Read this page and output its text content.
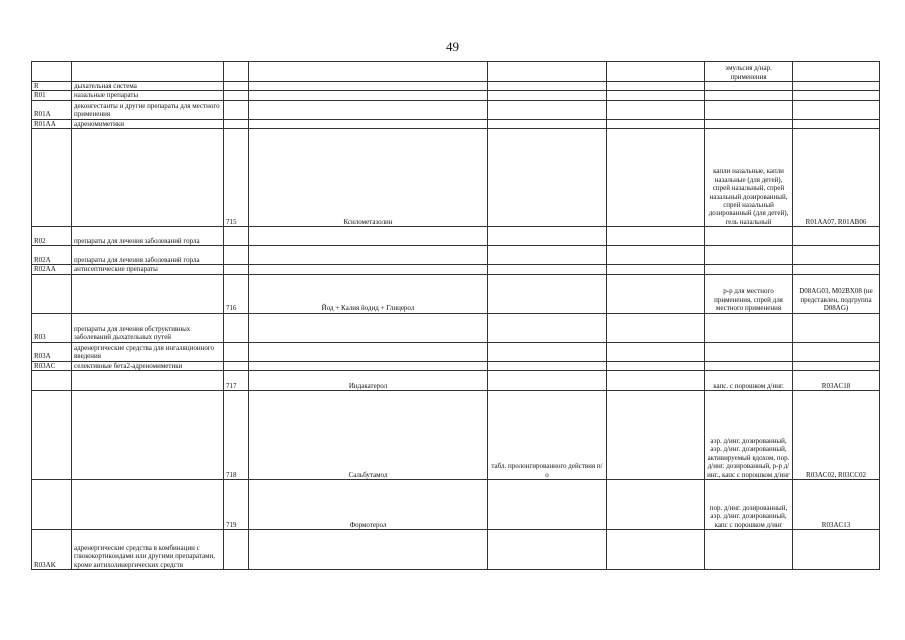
49
						эмульсия д/нар. применения	
R	дыхательная система						
R01	назальные препараты						
R01A	деконгестанты и другие препараты для местного применения						
R01AA	адреномиметики						
		715	Ксилометазолин			капли назальные, капли назальные (для детей), спрей назальный, спрей назальный дозированный, спрей назальный дозированный (для детей), гель назальный	R01AA07, R01AB06
R02	препараты для лечения заболеваний горла						
R02A	препараты для лечения заболеваний горла						
R02AA	антисептические препараты						
		716	Йод + Калия йодид + Глицерол			р-р для местного применения, спрей для местного применения	D08AG03, M02BX08 (не представлен, подгруппа D08AG)
R03	препараты для лечения обструктивных заболеваний дыхательных путей						
R03A	адренергические средства для ингаляционного введения						
R03AC	селективные бета2-адреномиметики						
		717	Индакатерол			капс. с порошком д/инг.	R03AC18
		718	Сальбутамол	табл. пролонгированного действия п/о		аэр. д/инг. дозированный, аэр. д/инг. дозированный, активируемый вдохом, пор. д/инг. дозированный, р-р д/инг., капс с порошком д/инг	R03AC02, R03CC02
		719	Формотерол			пор. д/инг. дозированный, аэр. д/инг. дозированный, капс с порошком д/инг	R03AC13
R03AK	адренергические средства в комбинации с глюкокортикоидами или другими препаратами, кроме антихолинергических средств						
